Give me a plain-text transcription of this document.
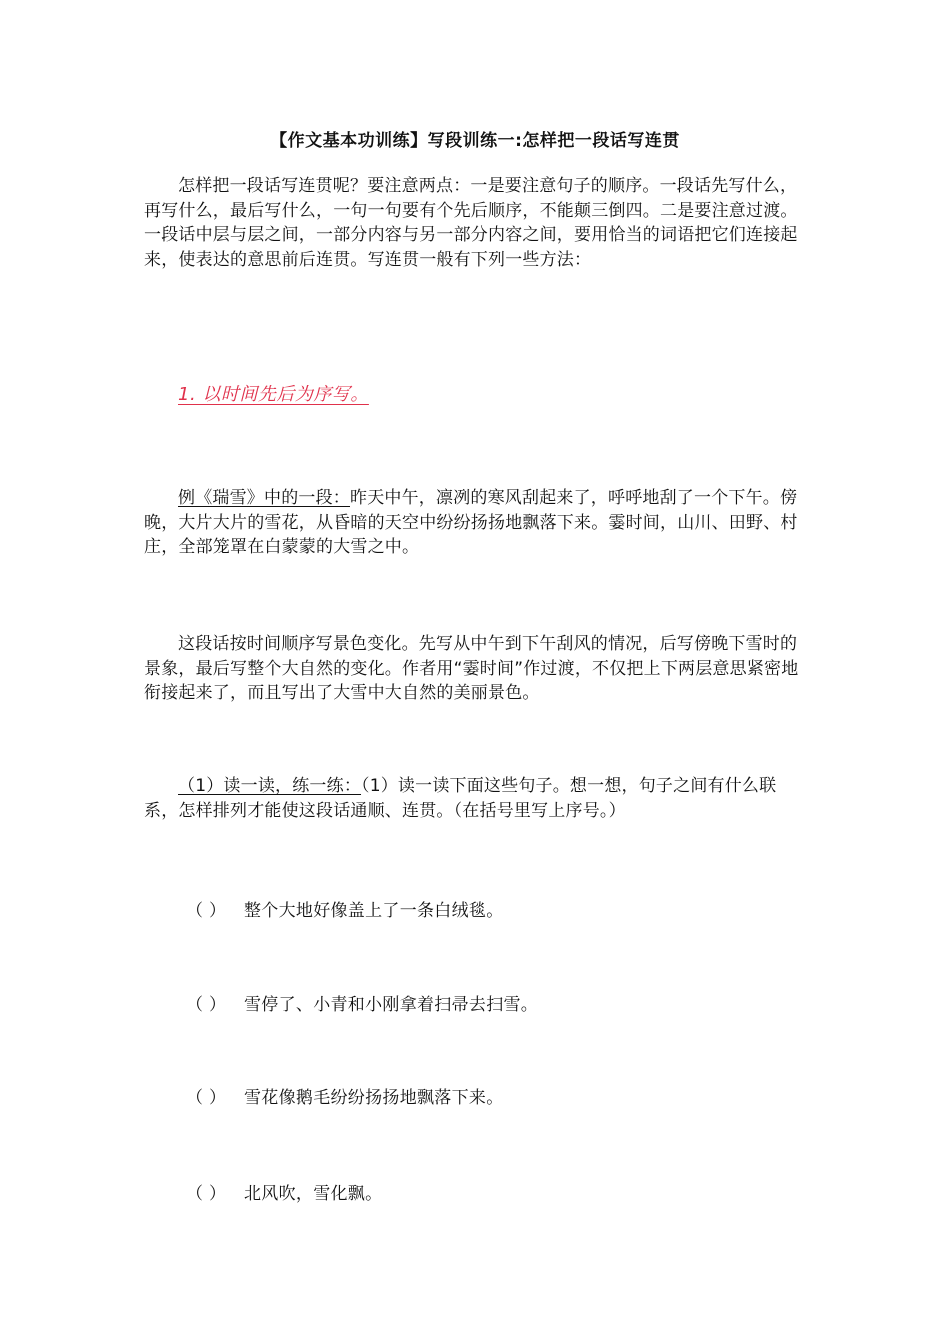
【作文基本功训练】写段训练一:怎样把一段话写连贯
怎样把一段话写连贯呢？要注意两点：一是要注意句子的顺序。一段话先写什么，再写什么，最后写什么，一句一句要有个先后顺序，不能颠三倒四。二是要注意过渡。一段话中层与层之间，一部分内容与另一部分内容之间，要用恰当的词语把它们连接起来，使表达的意思前后连贯。写连贯一般有下列一些方法：
1. 以时间先后为序写。
例《瑞雪》中的一段：昨天中午，凛冽的寒风刮起来了，呼呼地刮了一个下午。傍晚，大片大片的雪花，从昏暗的天空中纷纷扬扬地飘落下来。霎时间，山川、田野、村庄，全部笼罩在白蒙蒙的大雪之中。
这段话按时间顺序写景色变化。先写从中午到下午刮风的情况，后写傍晚下雪时的景象，最后写整个大自然的变化。作者用“霎时间”作过渡，不仅把上下两层意思紧密地衔接起来了，而且写出了大雪中大自然的美丽景色。
（1）读一读，练一练：（1）读一读下面这些句子。想一想，句子之间有什么联系，怎样排列才能使这段话通顺、连贯。（在括号里写上序号。）
（ ） 整个大地好像盖上了一条白绒毯。
（ ） 雪停了、小青和小刚拿着扫帚去扫雪。
（ ） 雪花像鹅毛纷纷扬扬地飘落下来。
（ ） 北风吹，雪化飘。
